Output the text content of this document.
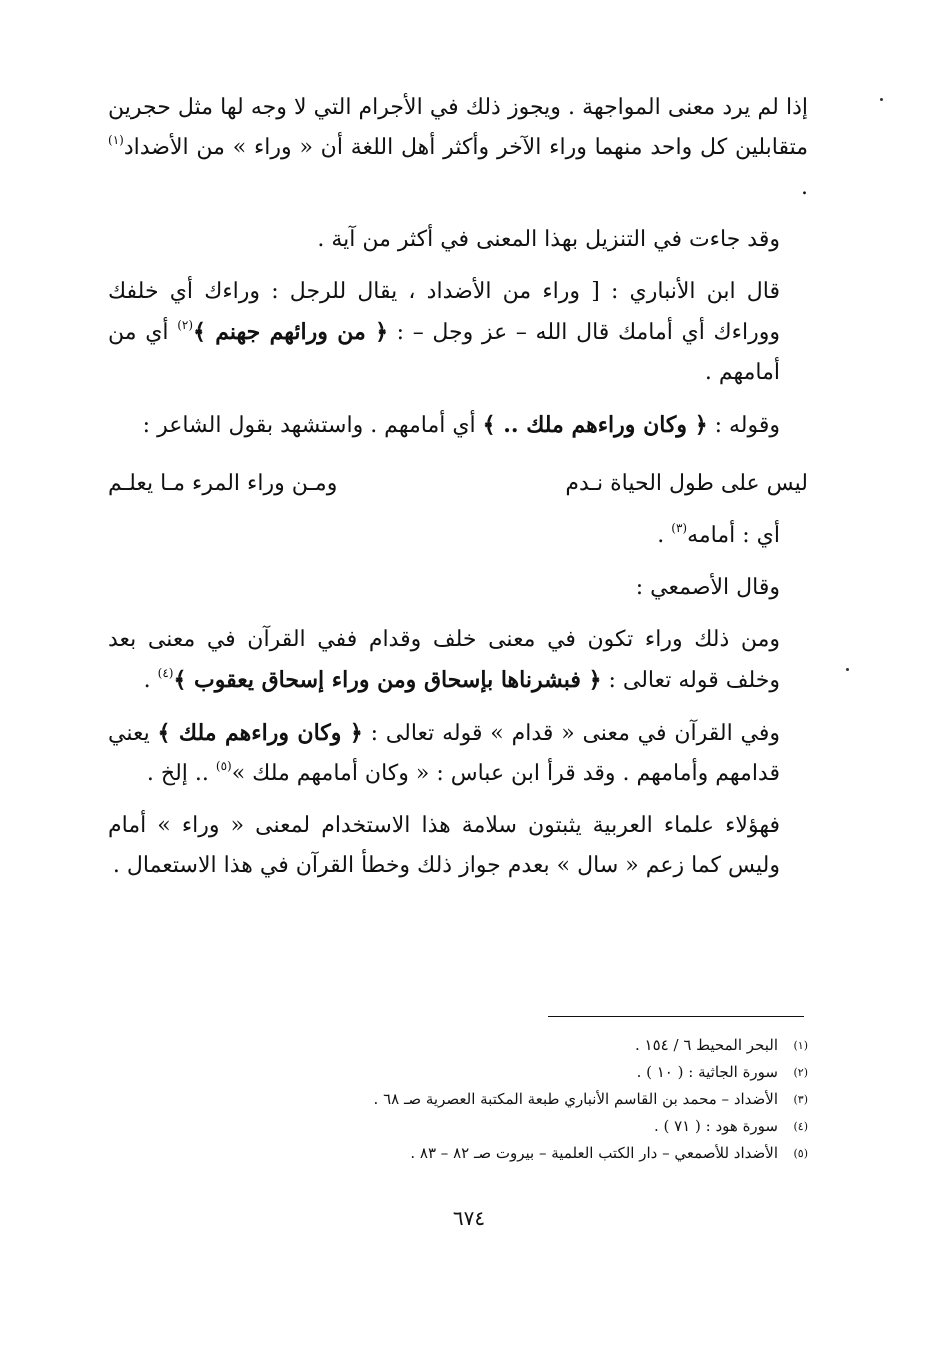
إذا لم يرد معنى المواجهة . ويجوز ذلك في الأجرام التي لا وجه لها مثل حجرين متقابلين كل واحد منهما وراء الآخر وأكثر أهل اللغة أن « وراء » من الأضداد$^{(١)}$ .

وقد جاءت في التنزيل بهذا المعنى في أكثر من آية .

قال ابن الأنباري : [ وراء من الأضداد ، يقال للرجل : وراءك أي خلفك ووراءك أي أمامك قال الله – عز وجل – : ﴿ من ورائهم جهنم ﴾$^{(٢)}$ أي من أمامهم .

وقوله : ﴿ وكان وراءهم ملك .. ﴾ أي أمامهم . واستشهد بقول الشاعر :

ليس على طول الحياة نـدم
ومـن وراء المرء مـا يعلـم

أي : أمامه$^{(٣)}$ .

وقال الأصمعي :

ومن ذلك وراء تكون في معنى خلف وقدام ففي القرآن في معنى بعد وخلف قوله تعالى : ﴿ فبشرناها بإسحاق ومن وراء إسحاق يعقوب ﴾$^{(٤)}$ .

وفي القرآن في معنى « قدام » قوله تعالى : ﴿ وكان وراءهم ملك ﴾ يعني قدامهم وأمامهم . وقد قرأ ابن عباس : « وكان أمامهم ملك »$^{(٥)}$ .. إلخ .

فهؤلاء علماء العربية يثبتون سلامة هذا الاستخدام لمعنى « وراء » أمام وليس كما زعم « سال » بعدم جواز ذلك وخطأ القرآن في هذا الاستعمال .

(١)
البحر المحيط ٦ / ١٥٤ .
(٢)
سورة الجاثية : ( ١٠ ) .
(٣)
الأضداد – محمد بن القاسم الأنباري طبعة المكتبة العصرية صـ ٦٨ .
(٤)
سورة هود : ( ٧١ ) .
(٥)
الأضداد للأصمعي – دار الكتب العلمية – بيروت صـ ٨٢ – ٨٣ .
٦٧٤
